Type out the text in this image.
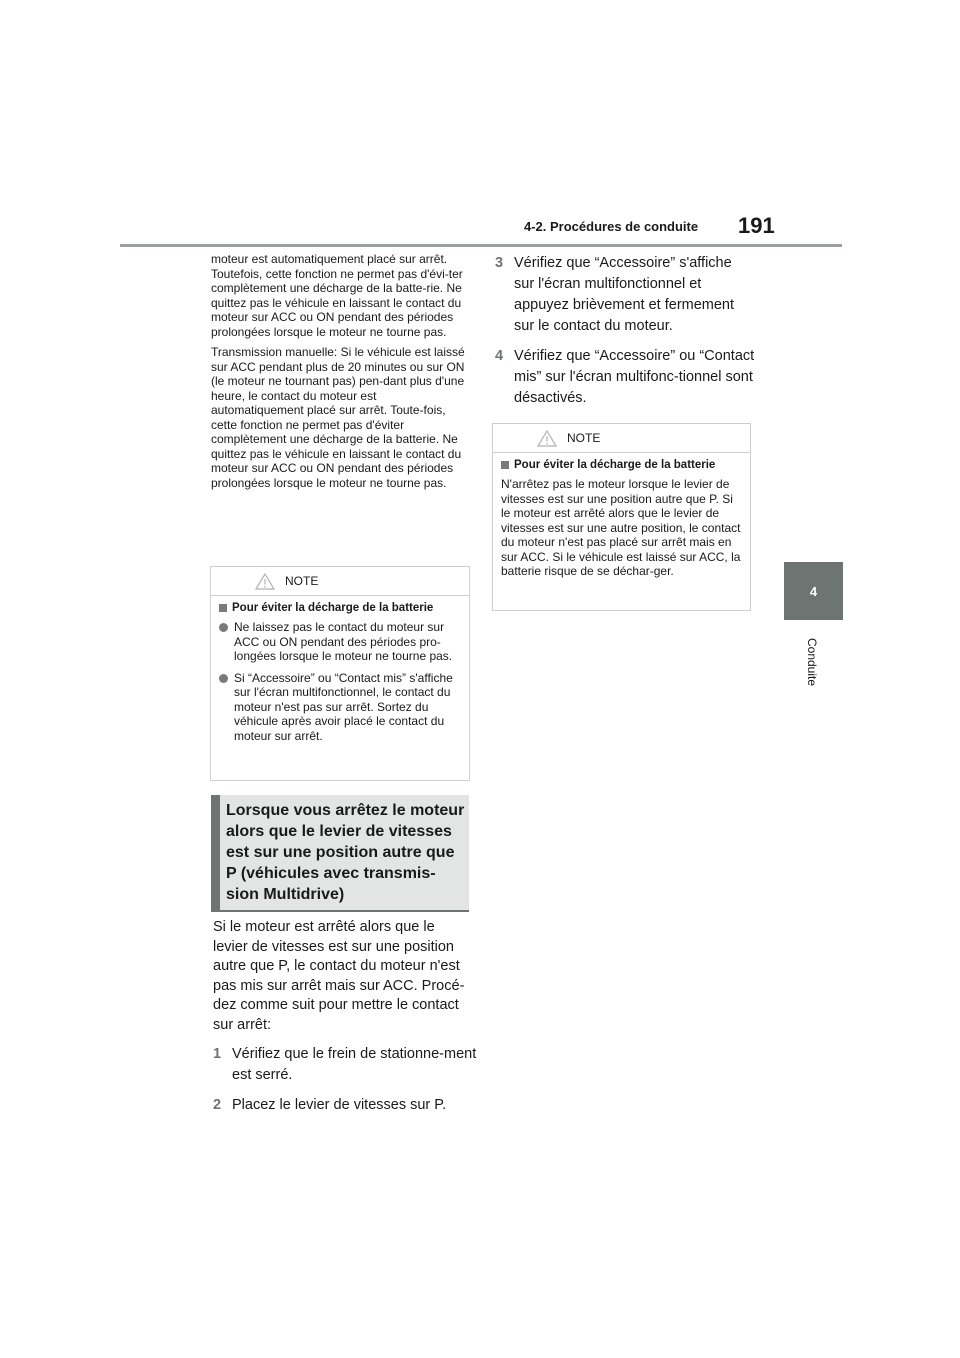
4-2. Procédures de conduite 191
4
Conduite

moteur est automatiquement placé sur arrêt. Toutefois, cette fonction ne permet pas d'évi-ter complètement une décharge de la batte-rie. Ne quittez pas le véhicule en laissant le contact du moteur sur ACC ou ON pendant des périodes prolongées lorsque le moteur ne tourne pas.

Transmission manuelle: Si le véhicule est laissé sur ACC pendant plus de 20 minutes ou sur ON (le moteur ne tournant pas) pen-dant plus d'une heure, le contact du moteur est automatiquement placé sur arrêt. Toute-fois, cette fonction ne permet pas d'éviter complètement une décharge de la batterie. Ne quittez pas le véhicule en laissant le contact du moteur sur ACC ou ON pendant des périodes prolongées lorsque le moteur ne tourne pas.

NOTE
Pour éviter la décharge de la batterie
Ne laissez pas le contact du moteur sur ACC ou ON pendant des périodes pro-longées lorsque le moteur ne tourne pas.
Si “Accessoire” ou “Contact mis” s'affiche sur l'écran multifonctionnel, le contact du moteur n'est pas sur arrêt. Sortez du véhicule après avoir placé le contact du moteur sur arrêt.
Lorsque vous arrêtez le moteur alors que le levier de vitesses est sur une position autre que P (véhicules avec transmis-sion Multidrive)

Si le moteur est arrêté alors que le levier de vitesses est sur une position autre que P, le contact du moteur n'est pas mis sur arrêt mais sur ACC. Procé-dez comme suit pour mettre le contact sur arrêt:

1 Vérifiez que le frein de stationne-ment est serré.

2 Placez le levier de vitesses sur P.

3 Vérifiez que “Accessoire” s'affiche sur l'écran multifonctionnel et appuyez brièvement et fermement sur le contact du moteur.

4 Vérifiez que “Accessoire” ou “Contact mis” sur l'écran multifonc-tionnel sont désactivés.

NOTE
Pour éviter la décharge de la batterie

N'arrêtez pas le moteur lorsque le levier de vitesses est sur une position autre que P. Si le moteur est arrêté alors que le levier de vitesses est sur une autre position, le contact du moteur n'est pas placé sur arrêt mais en sur ACC. Si le véhicule est laissé sur ACC, la batterie risque de se déchar-ger.
